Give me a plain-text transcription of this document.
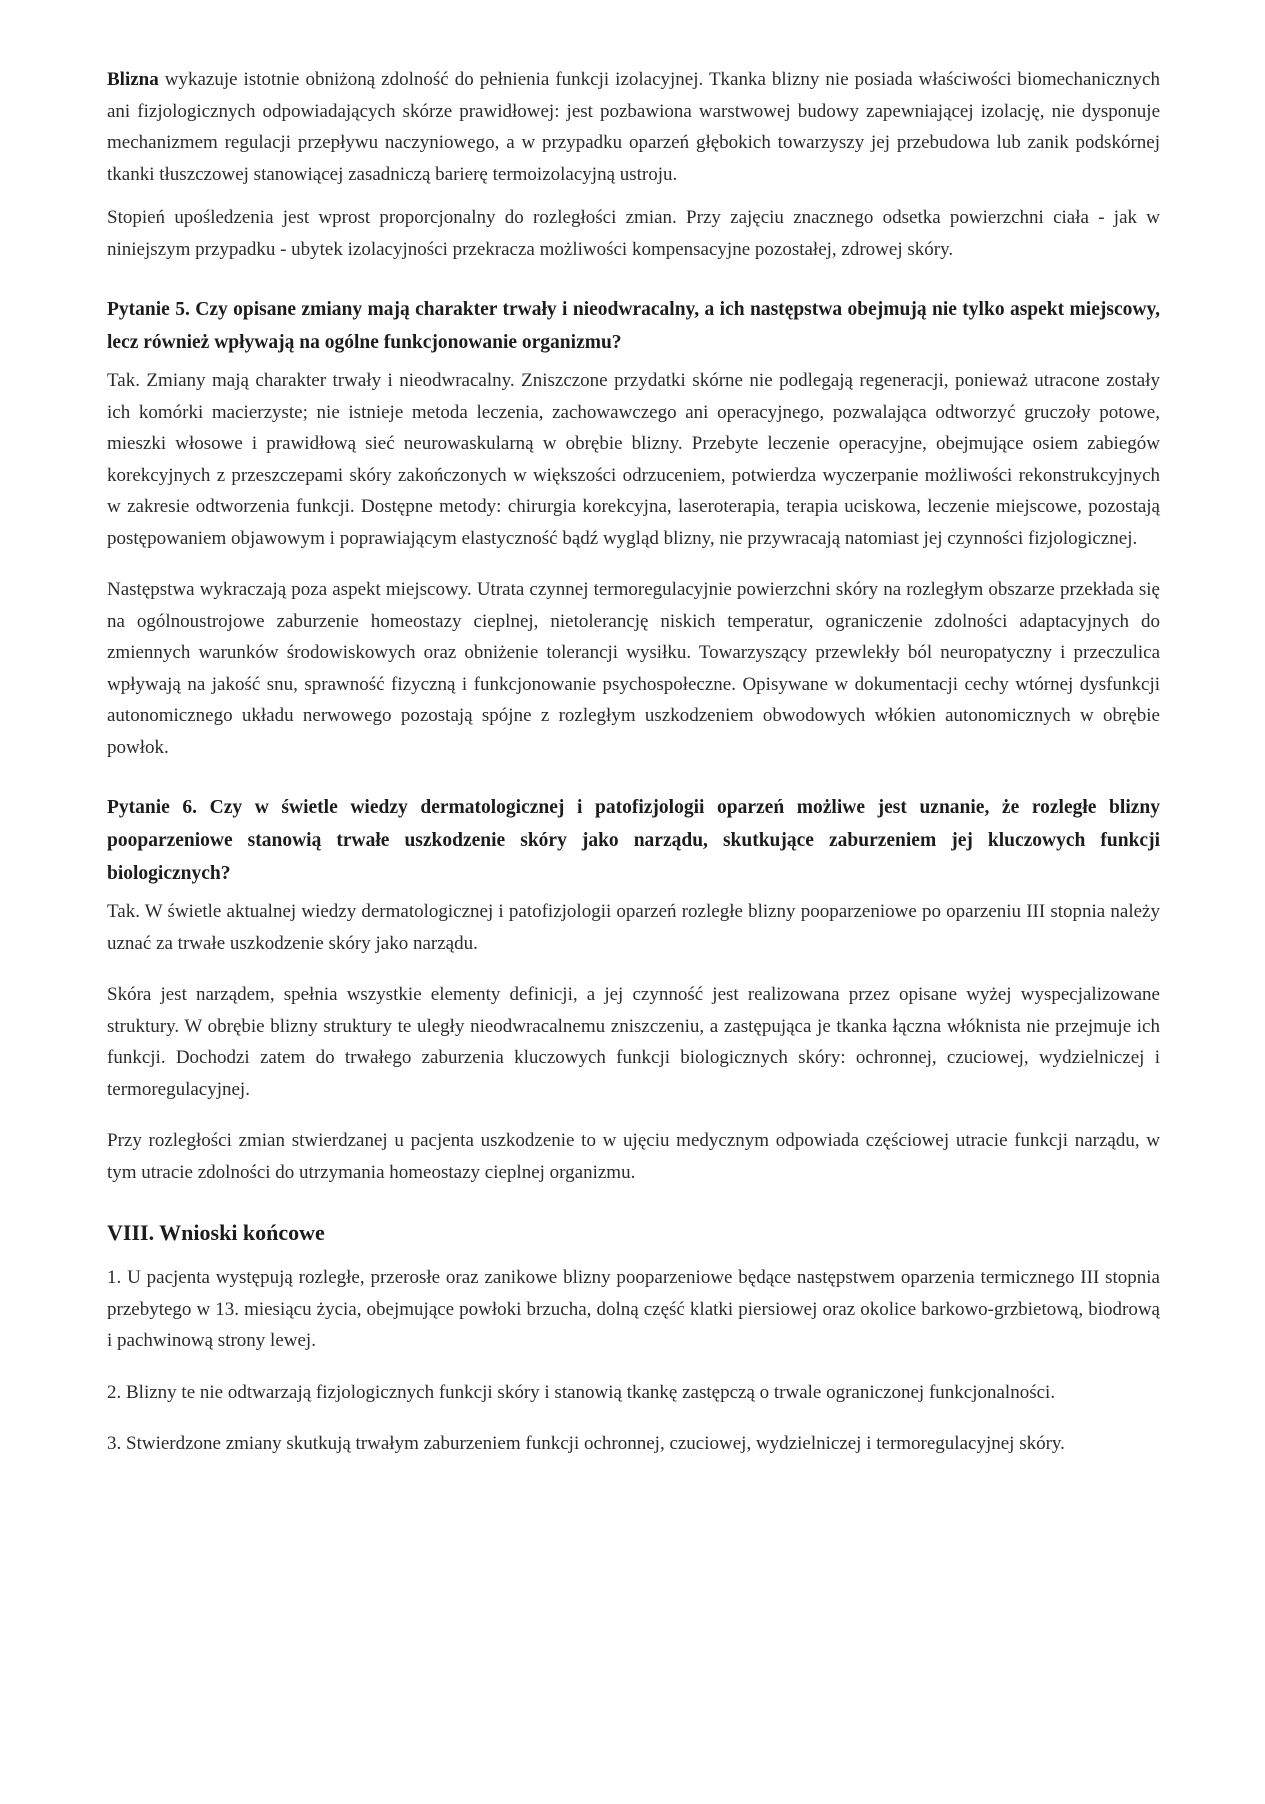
Blizna wykazuje istotnie obniżoną zdolność do pełnienia funkcji izolacyjnej. Tkanka blizny nie posiada właściwości biomechanicznych ani fizjologicznych odpowiadających skórze prawidłowej: jest pozbawiona warstwowej budowy zapewniającej izolację, nie dysponuje mechanizmem regulacji przepływu naczyniowego, a w przypadku oparzeń głębokich towarzyszy jej przebudowa lub zanik podskórnej tkanki tłuszczowej stanowiącej zasadniczą barierę termoizolacyjną ustroju.

Stopień upośledzenia jest wprost proporcjonalny do rozległości zmian. Przy zajęciu znacznego odsetka powierzchni ciała - jak w niniejszym przypadku - ubytek izolacyjności przekracza możliwości kompensacyjne pozostałej, zdrowej skóry.

Pytanie 5. Czy opisane zmiany mają charakter trwały i nieodwracalny, a ich następstwa obejmują nie tylko aspekt miejscowy, lecz również wpływają na ogólne funkcjonowanie organizmu?

Tak. Zmiany mają charakter trwały i nieodwracalny. Zniszczone przydatki skórne nie podlegają regeneracji, ponieważ utracone zostały ich komórki macierzyste; nie istnieje metoda leczenia, zachowawczego ani operacyjnego, pozwalająca odtworzyć gruczoły potowe, mieszki włosowe i prawidłową sieć neurowaskularną w obrębie blizny. Przebyte leczenie operacyjne, obejmujące osiem zabiegów korekcyjnych z przeszczepami skóry zakończonych w większości odrzuceniem, potwierdza wyczerpanie możliwości rekonstrukcyjnych w zakresie odtworzenia funkcji. Dostępne metody: chirurgia korekcyjna, laseroterapia, terapia uciskowa, leczenie miejscowe, pozostają postępowaniem objawowym i poprawiającym elastyczność bądź wygląd blizny, nie przywracają natomiast jej czynności fizjologicznej.

Następstwa wykraczają poza aspekt miejscowy. Utrata czynnej termoregulacyjnie powierzchni skóry na rozległym obszarze przekłada się na ogólnoustrojowe zaburzenie homeostazy cieplnej, nietolerancję niskich temperatur, ograniczenie zdolności adaptacyjnych do zmiennych warunków środowiskowych oraz obniżenie tolerancji wysiłku. Towarzyszący przewlekły ból neuropatyczny i przeczulica wpływają na jakość snu, sprawność fizyczną i funkcjonowanie psychospołeczne. Opisywane w dokumentacji cechy wtórnej dysfunkcji autonomicznego układu nerwowego pozostają spójne z rozległym uszkodzeniem obwodowych włókien autonomicznych w obrębie powłok.

Pytanie 6. Czy w świetle wiedzy dermatologicznej i patofizjologii oparzeń możliwe jest uznanie, że rozległe blizny pooparzeniowe stanowią trwałe uszkodzenie skóry jako narządu, skutkujące zaburzeniem jej kluczowych funkcji biologicznych?

Tak. W świetle aktualnej wiedzy dermatologicznej i patofizjologii oparzeń rozległe blizny pooparzeniowe po oparzeniu III stopnia należy uznać za trwałe uszkodzenie skóry jako narządu.

Skóra jest narządem, spełnia wszystkie elementy definicji, a jej czynność jest realizowana przez opisane wyżej wyspecjalizowane struktury. W obrębie blizny struktury te uległy nieodwracalnemu zniszczeniu, a zastępująca je tkanka łączna włóknista nie przejmuje ich funkcji. Dochodzi zatem do trwałego zaburzenia kluczowych funkcji biologicznych skóry: ochronnej, czuciowej, wydzielniczej i termoregulacyjnej.

Przy rozległości zmian stwierdzanej u pacjenta uszkodzenie to w ujęciu medycznym odpowiada częściowej utracie funkcji narządu, w tym utracie zdolności do utrzymania homeostazy cieplnej organizmu.

VIII. Wnioski końcowe

1. U pacjenta występują rozległe, przerosłe oraz zanikowe blizny pooparzeniowe będące następstwem oparzenia termicznego III stopnia przebytego w 13. miesiącu życia, obejmujące powłoki brzucha, dolną część klatki piersiowej oraz okolice barkowo-grzbietową, biodrową i pachwinową strony lewej.

2. Blizny te nie odtwarzają fizjologicznych funkcji skóry i stanowią tkankę zastępczą o trwale ograniczonej funkcjonalności.

3. Stwierdzone zmiany skutkują trwałym zaburzeniem funkcji ochronnej, czuciowej, wydzielniczej i termoregulacyjnej skóry.
